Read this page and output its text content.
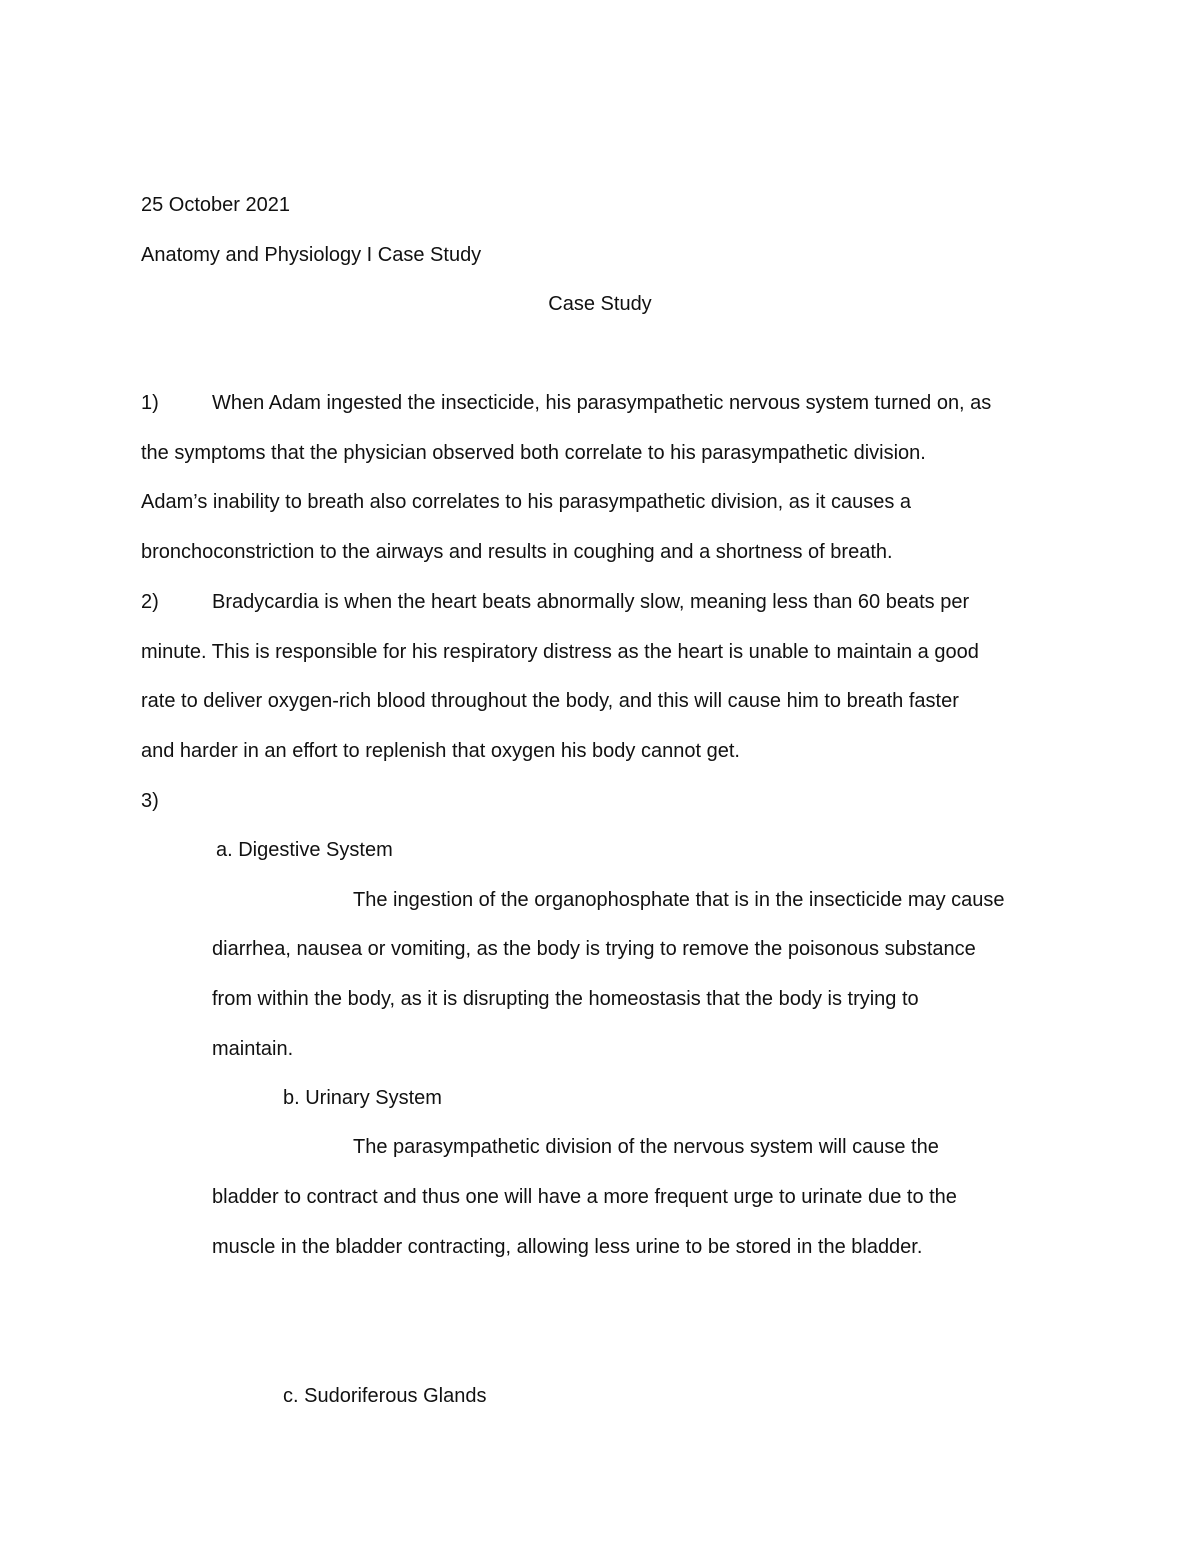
25 October 2021
Anatomy and Physiology I Case Study
Case Study
1)	When Adam ingested the insecticide, his parasympathetic nervous system turned on, as
the symptoms that the physician observed both correlate to his parasympathetic division.
Adam’s inability to breath also correlates to his parasympathetic division, as it causes a
bronchoconstriction to the airways and results in coughing and a shortness of breath.
2)	Bradycardia is when the heart beats abnormally slow, meaning less than 60 beats per
minute. This is responsible for his respiratory distress as the heart is unable to maintain a good
rate to deliver oxygen-rich blood throughout the body, and this will cause him to breath faster
and harder in an effort to replenish that oxygen his body cannot get.
3)
a. Digestive System
The ingestion of the organophosphate that is in the insecticide may cause
diarrhea, nausea or vomiting, as the body is trying to remove the poisonous substance
from within the body, as it is disrupting the homeostasis that the body is trying to
maintain.
b. Urinary System
The parasympathetic division of the nervous system will cause the
bladder to contract and thus one will have a more frequent urge to urinate due to the
muscle in the bladder contracting, allowing less urine to be stored in the bladder.
c. Sudoriferous Glands
